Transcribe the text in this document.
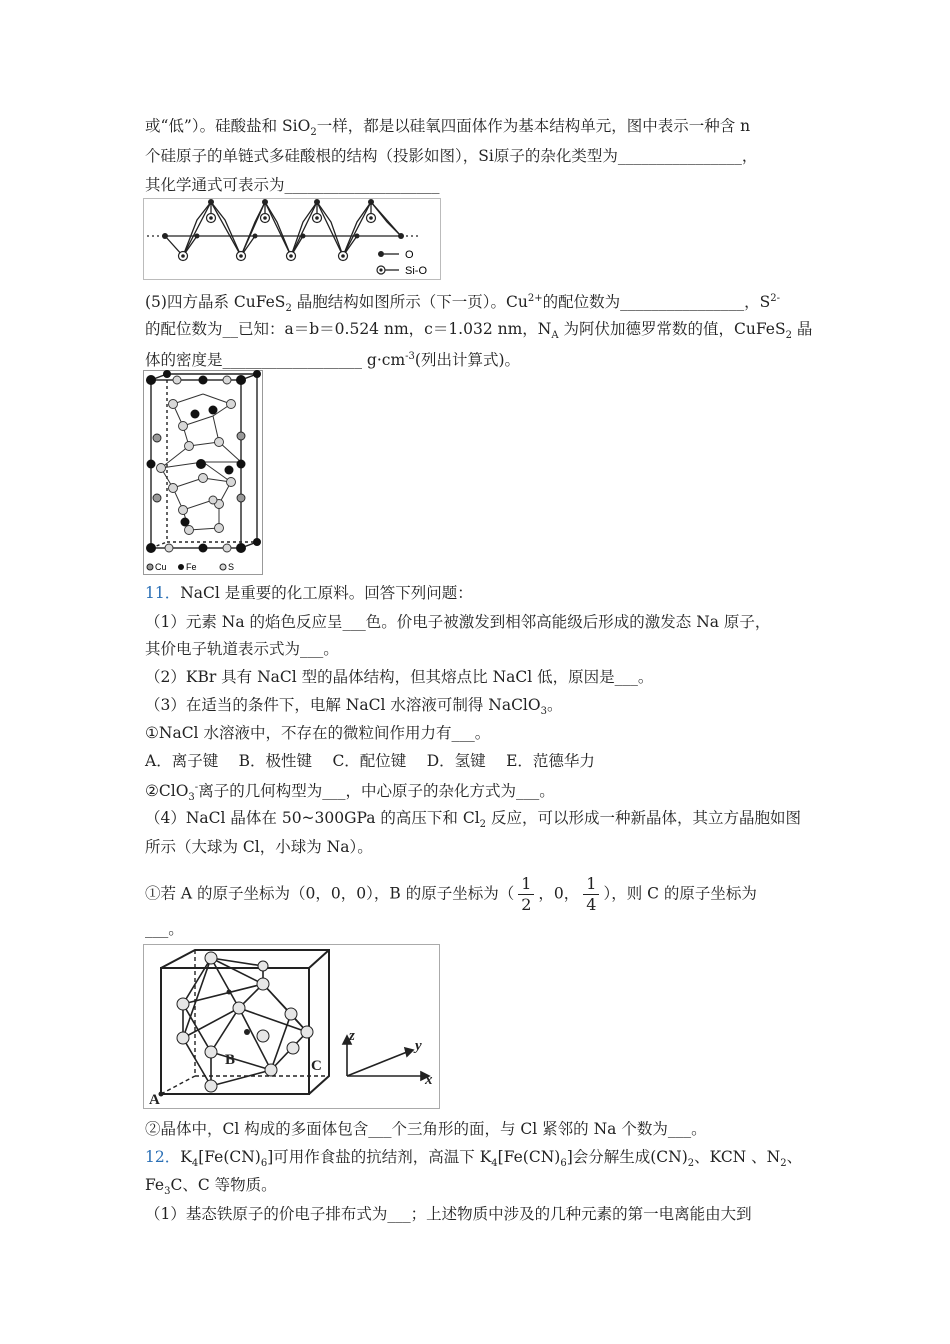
或“低”）。硅酸盐和 SiO$_2$一样，都是以硅氧四面体作为基本结构单元，图中表示一种含 n
个硅原子的单链式多硅酸根的结构（投影如图），Si原子的杂化类型为________________，
其化学通式可表示为____________________
O
Si-O
(5)四方晶系 CuFeS$_2$ 晶胞结构如图所示（下一页）。$Cu^{2+}$的配位数为________________，$S^{2-}$
的配位数为__已知：a＝b＝0.524 nm，c＝1.032 nm，$N_A$ 为阿伏加德罗常数的值，CuFeS$_2$ 晶
体的密度是__________________ $g\cdot cm^{-3}$(列出计算式)。
Cu Fe	S
11．NaCl 是重要的化工原料。回答下列问题：
（1）元素 Na 的焰色反应呈___色。价电子被激发到相邻高能级后形成的激发态 Na 原子，
其价电子轨道表示式为___。
（2）KBr 具有 NaCl 型的晶体结构，但其熔点比 NaCl 低，原因是___。
（3）在适当的条件下，电解 NaCl 水溶液可制得 NaClO$_3$。
①NaCl 水溶液中，不存在的微粒间作用力有___。
A．离子键　 B．极性键　 C．配位键　 D．氢键　 E．范德华力
②ClO$_3$-离子的几何构型为___，中心原子的杂化方式为___。
（4）NaCl 晶体在 50~300GPa 的高压下和 $Cl_2$ 反应，可以形成一种新晶体，其立方晶胞如图
所示（大球为 Cl，小球为 Na）。
①若 A 的原子坐标为（0，0，0），B 的原子坐标为（ $\frac{1}{2}$ ，0， $\frac{1}{4}$ ），则 C 的原子坐标为
___。
A
B	C
z
y
x
②晶体中，Cl 构成的多面体包含___个三角形的面，与 Cl 紧邻的 Na 个数为___。
12．$K_4[Fe(CN)_6]$可用作食盐的抗结剂，高温下 $K_4[Fe(CN)_6]$会分解生成$(CN)_2$、KCN 、$N_2$、
$Fe_3C$、C 等物质。
（1）基态铁原子的价电子排布式为___；上述物质中涉及的几种元素的第一电离能由大到
